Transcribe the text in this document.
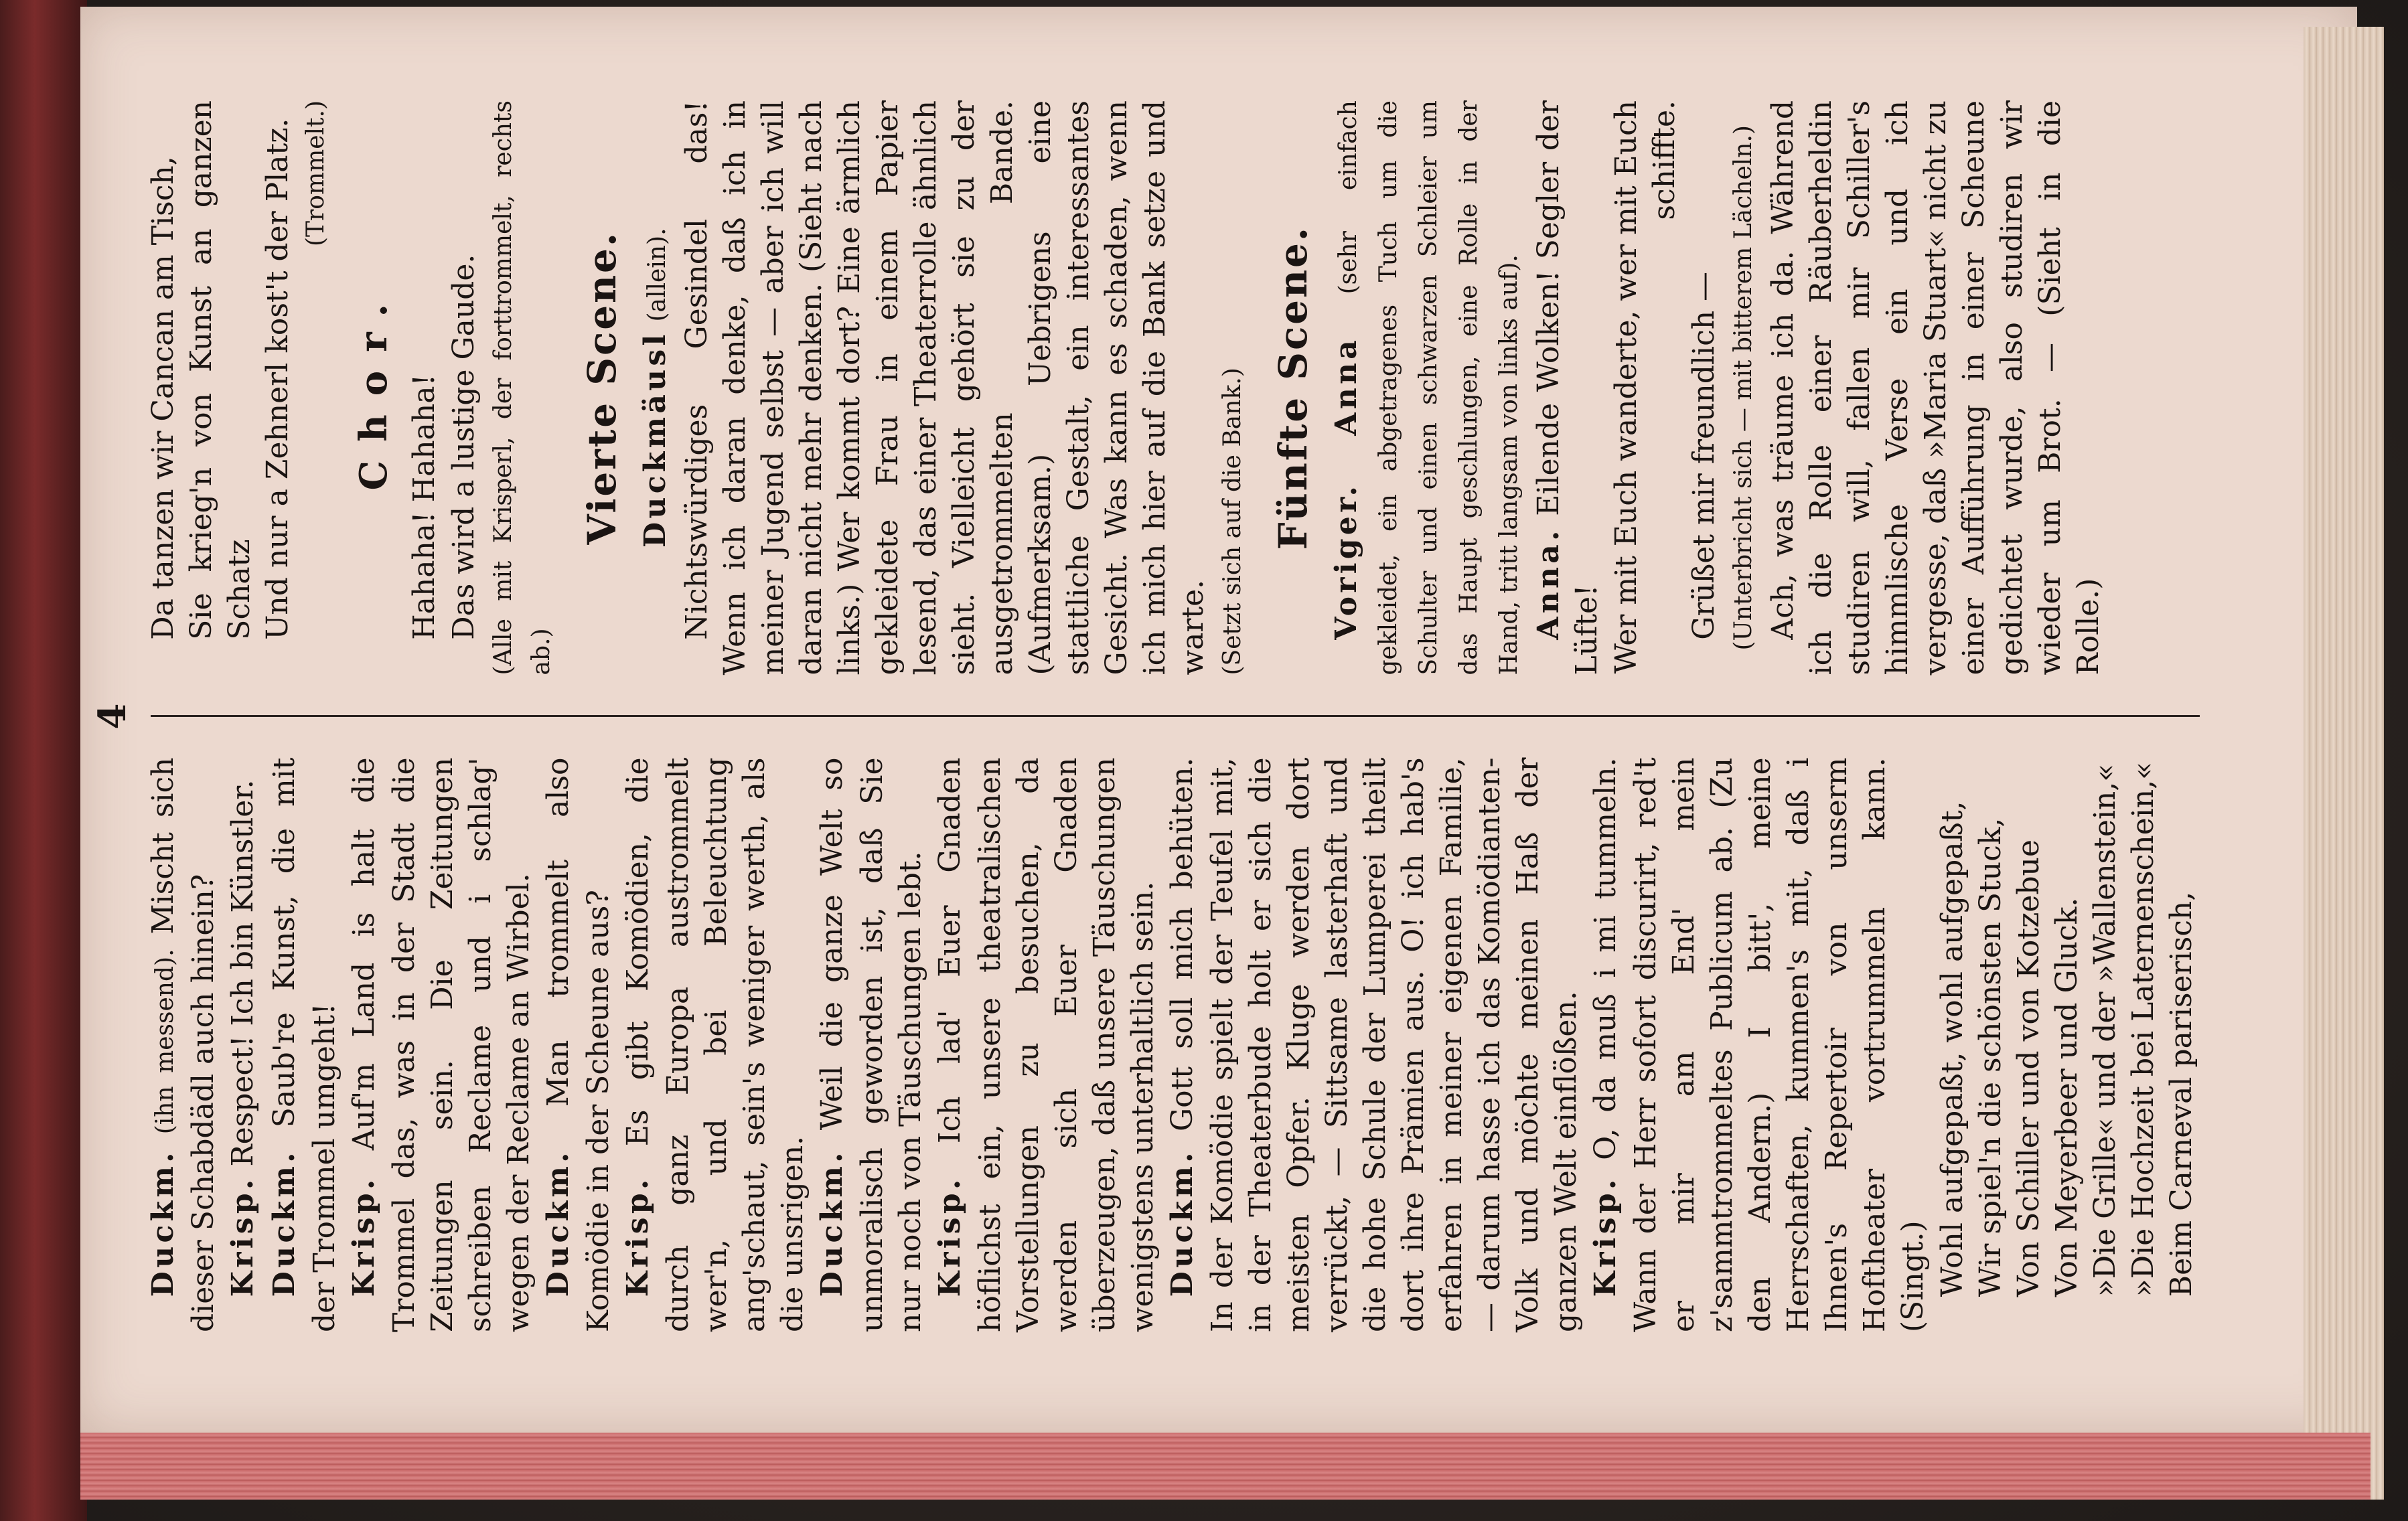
4

Duckm. (ihn messend). Mischt sich dieser Schabdädl auch hinein? Krisp. Respect! Ich bin Künstler.

Duckm. Saub're Kunst, die mit der Trommel umgeht! Krisp. Auf'm Land is halt die Trommel das, was in der Stadt die Zeitungen sein. Die Zeitungen schreiben Reclame und i schlag' wegen der Reclame an Wirbel. Duckm. Man trommelt also Komödie in der Scheune aus? Krisp. Es gibt Komödien, die durch ganz Europa austrommelt wer'n, und bei Beleuchtung ang'schaut, sein's weniger werth, als die unsrigen. Duckm. Weil die ganze Welt so unmoralisch geworden ist, daß Sie nur noch von Täuschungen lebt. Krisp. Ich lad' Euer Gnaden höflichst ein, unsere theatralischen Vorstellungen zu besuchen, da werden sich Euer Gnaden überzeugen, daß unsere Täuschungen wenigstens unterhaltlich sein. Duckm. Gott soll mich behüten. In der Komödie spielt der Teufel mit, in der Theaterbude holt er sich die meisten Opfer. Kluge werden dort verrückt, — Sittsame lasterhaft und die hohe Schule der Lumperei theilt dort ihre Prämien aus. O! ich hab's erfahren in meiner eigenen Familie, — darum hasse ich das Komödianten-Volk und möchte meinen Haß der ganzen Welt einflößen. Krisp. O, da muß i mi tummeln. Wann der Herr sofort discurirt, red't er mir am End' mein z'sammtrommeltes Publicum ab. (Zu den Andern.) I bitt', meine Herrschaften, kummen's mit, daß i Ihnen's Repertoir von unserm Hoftheater vortrummeln kann. (Singt.) Wohl aufgepaßt, wohl aufgepaßt, Wir spiel'n die schönsten Stuck, Von Schiller und von Kotzebue Von Meyerbeer und Gluck. »Die Grille« und der »Wallenstein,« »Die Hochzeit bei Laternenschein,« Beim Carneval pariserisch,

Da tanzen wir Cancan am Tisch, Sie krieg'n von Kunst an ganzen Schatz Und nur a Zehnerl kost't der Platz. (Trommelt.)

Chor. Hahaha! Hahaha! Das wird a lustige Gaude. (Alle mit Krisperl, der forttrommelt, rechts ab.)

Vierte Scene. Duckmäusl (allein). Nichtswürdiges Gesindel das! Wenn ich daran denke, daß ich in meiner Jugend selbst — aber ich will daran nicht mehr denken. (Sieht nach links.) Wer kommt dort? Eine ärmlich gekleidete Frau in einem Papier lesend, das einer Theaterrolle ähnlich sieht. Vielleicht gehört sie zu der ausgetrommelten Bande. (Aufmerksam.) Uebrigens eine stattliche Gestalt, ein interessantes Gesicht. Was kann es schaden, wenn ich mich hier auf die Bank setze und warte. (Setzt sich auf die Bank.) Fünfte Scene. Voriger. Anna (sehr einfach gekleidet, ein abgetragenes Tuch um die Schulter und einen schwarzen Schleier um das Haupt geschlungen, eine Rolle in der Hand, tritt langsam von links auf). Anna. Eilende Wolken! Segler der Lüfte! Wer mit Euch wanderte, wer mit Euch schiffte.

Grüßet mir freundlich — (Unterbricht sich — mit bitterem Lächeln.) Ach, was träume ich da. Während ich die Rolle einer Räuberheldin studiren will, fallen mir Schiller's himmlische Verse ein und ich vergesse, daß »Maria Stuart« nicht zu einer Aufführung in einer Scheune gedichtet wurde, also studiren wir wieder um Brot. — (Sieht in die Rolle.)
